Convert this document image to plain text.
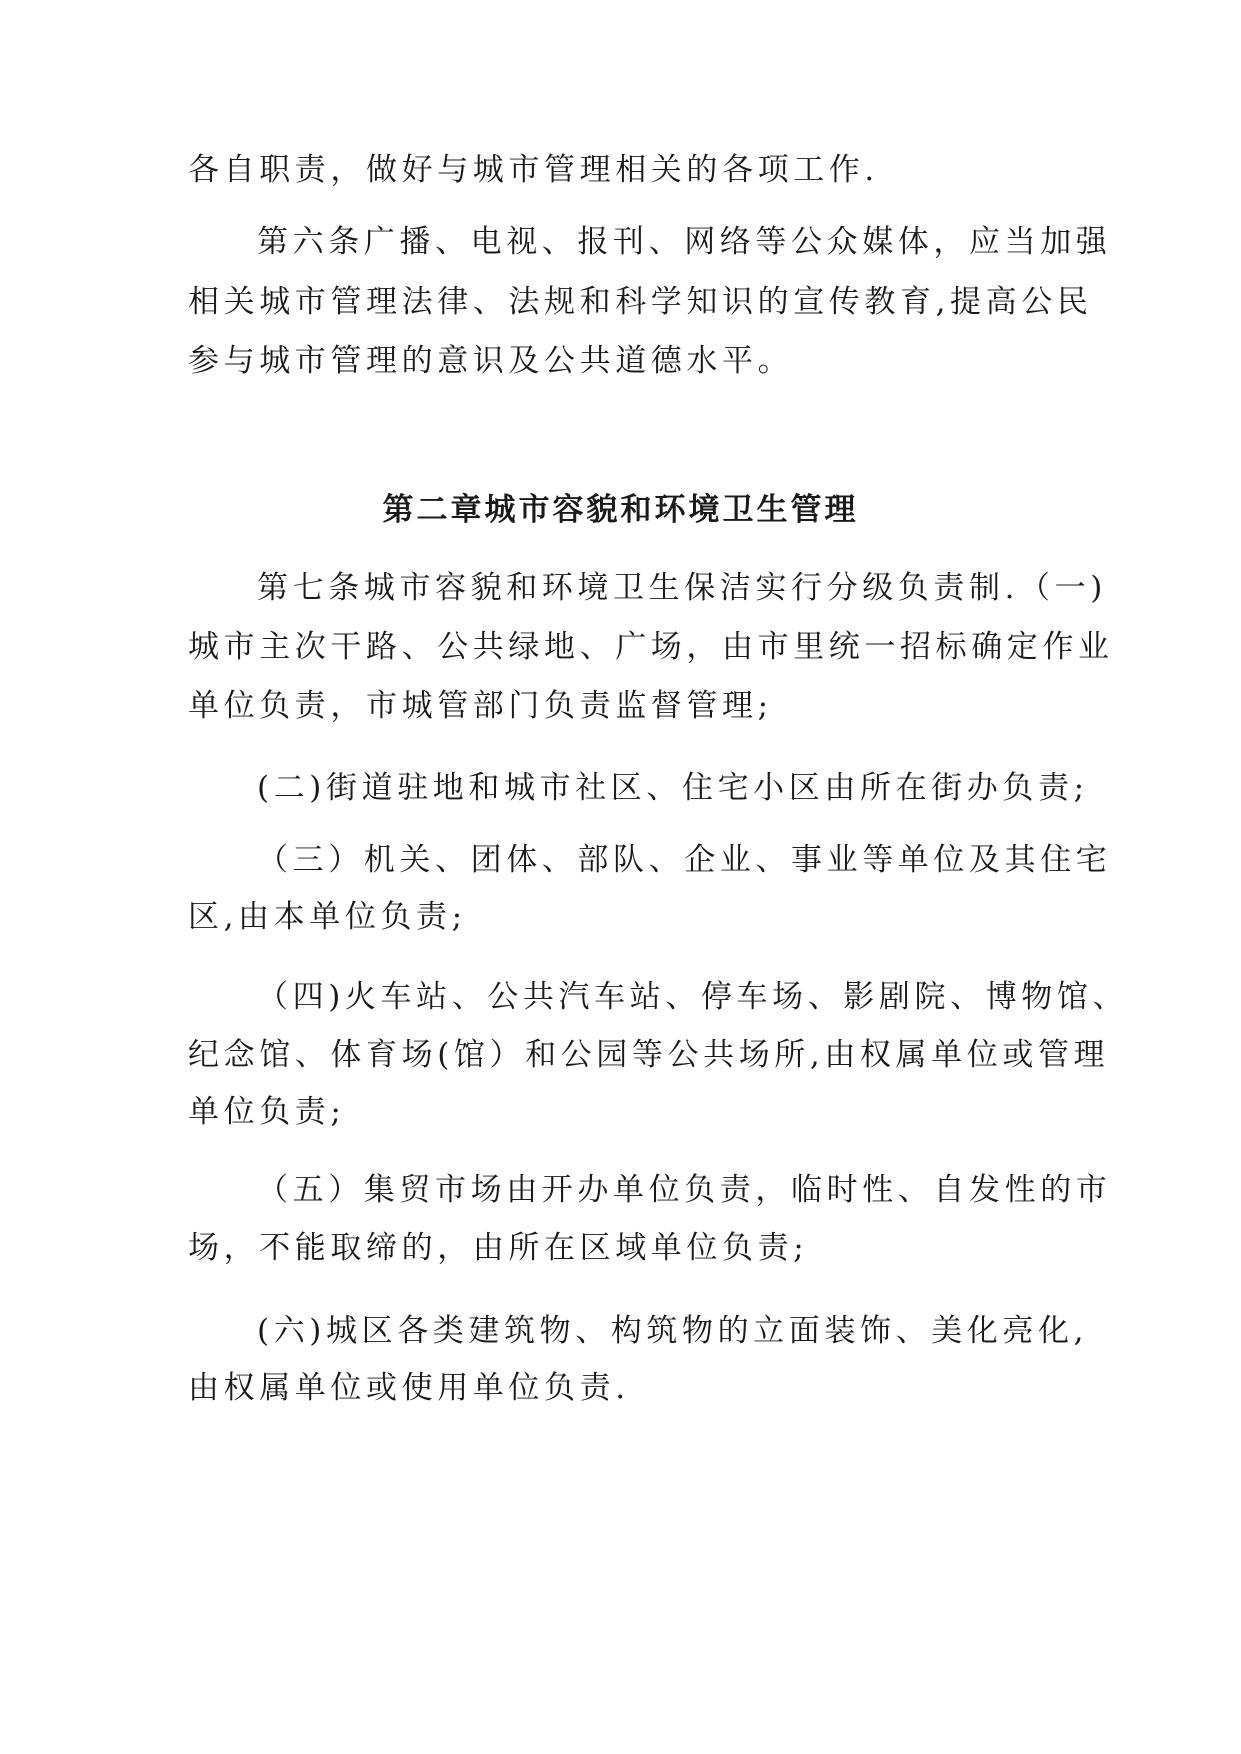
各自职责，做好与城市管理相关的各项工作.
第六条广播、电视、报刊、网络等公众媒体，应当加强
相关城市管理法律、法规和科学知识的宣传教育,提高公民
参与城市管理的意识及公共道德水平。
第二章城市容貌和环境卫生管理
第七条城市容貌和环境卫生保洁实行分级负责制.（一)
城市主次干路、公共绿地、广场，由市里统一招标确定作业
单位负责，市城管部门负责监督管理;
(二)街道驻地和城市社区、住宅小区由所在街办负责;
（三）机关、团体、部队、企业、事业等单位及其住宅
区,由本单位负责;
（四)火车站、公共汽车站、停车场、影剧院、博物馆、
纪念馆、体育场(馆）和公园等公共场所,由权属单位或管理
单位负责;
（五）集贸市场由开办单位负责，临时性、自发性的市
场，不能取缔的，由所在区域单位负责;
(六)城区各类建筑物、构筑物的立面装饰、美化亮化,
由权属单位或使用单位负责.
